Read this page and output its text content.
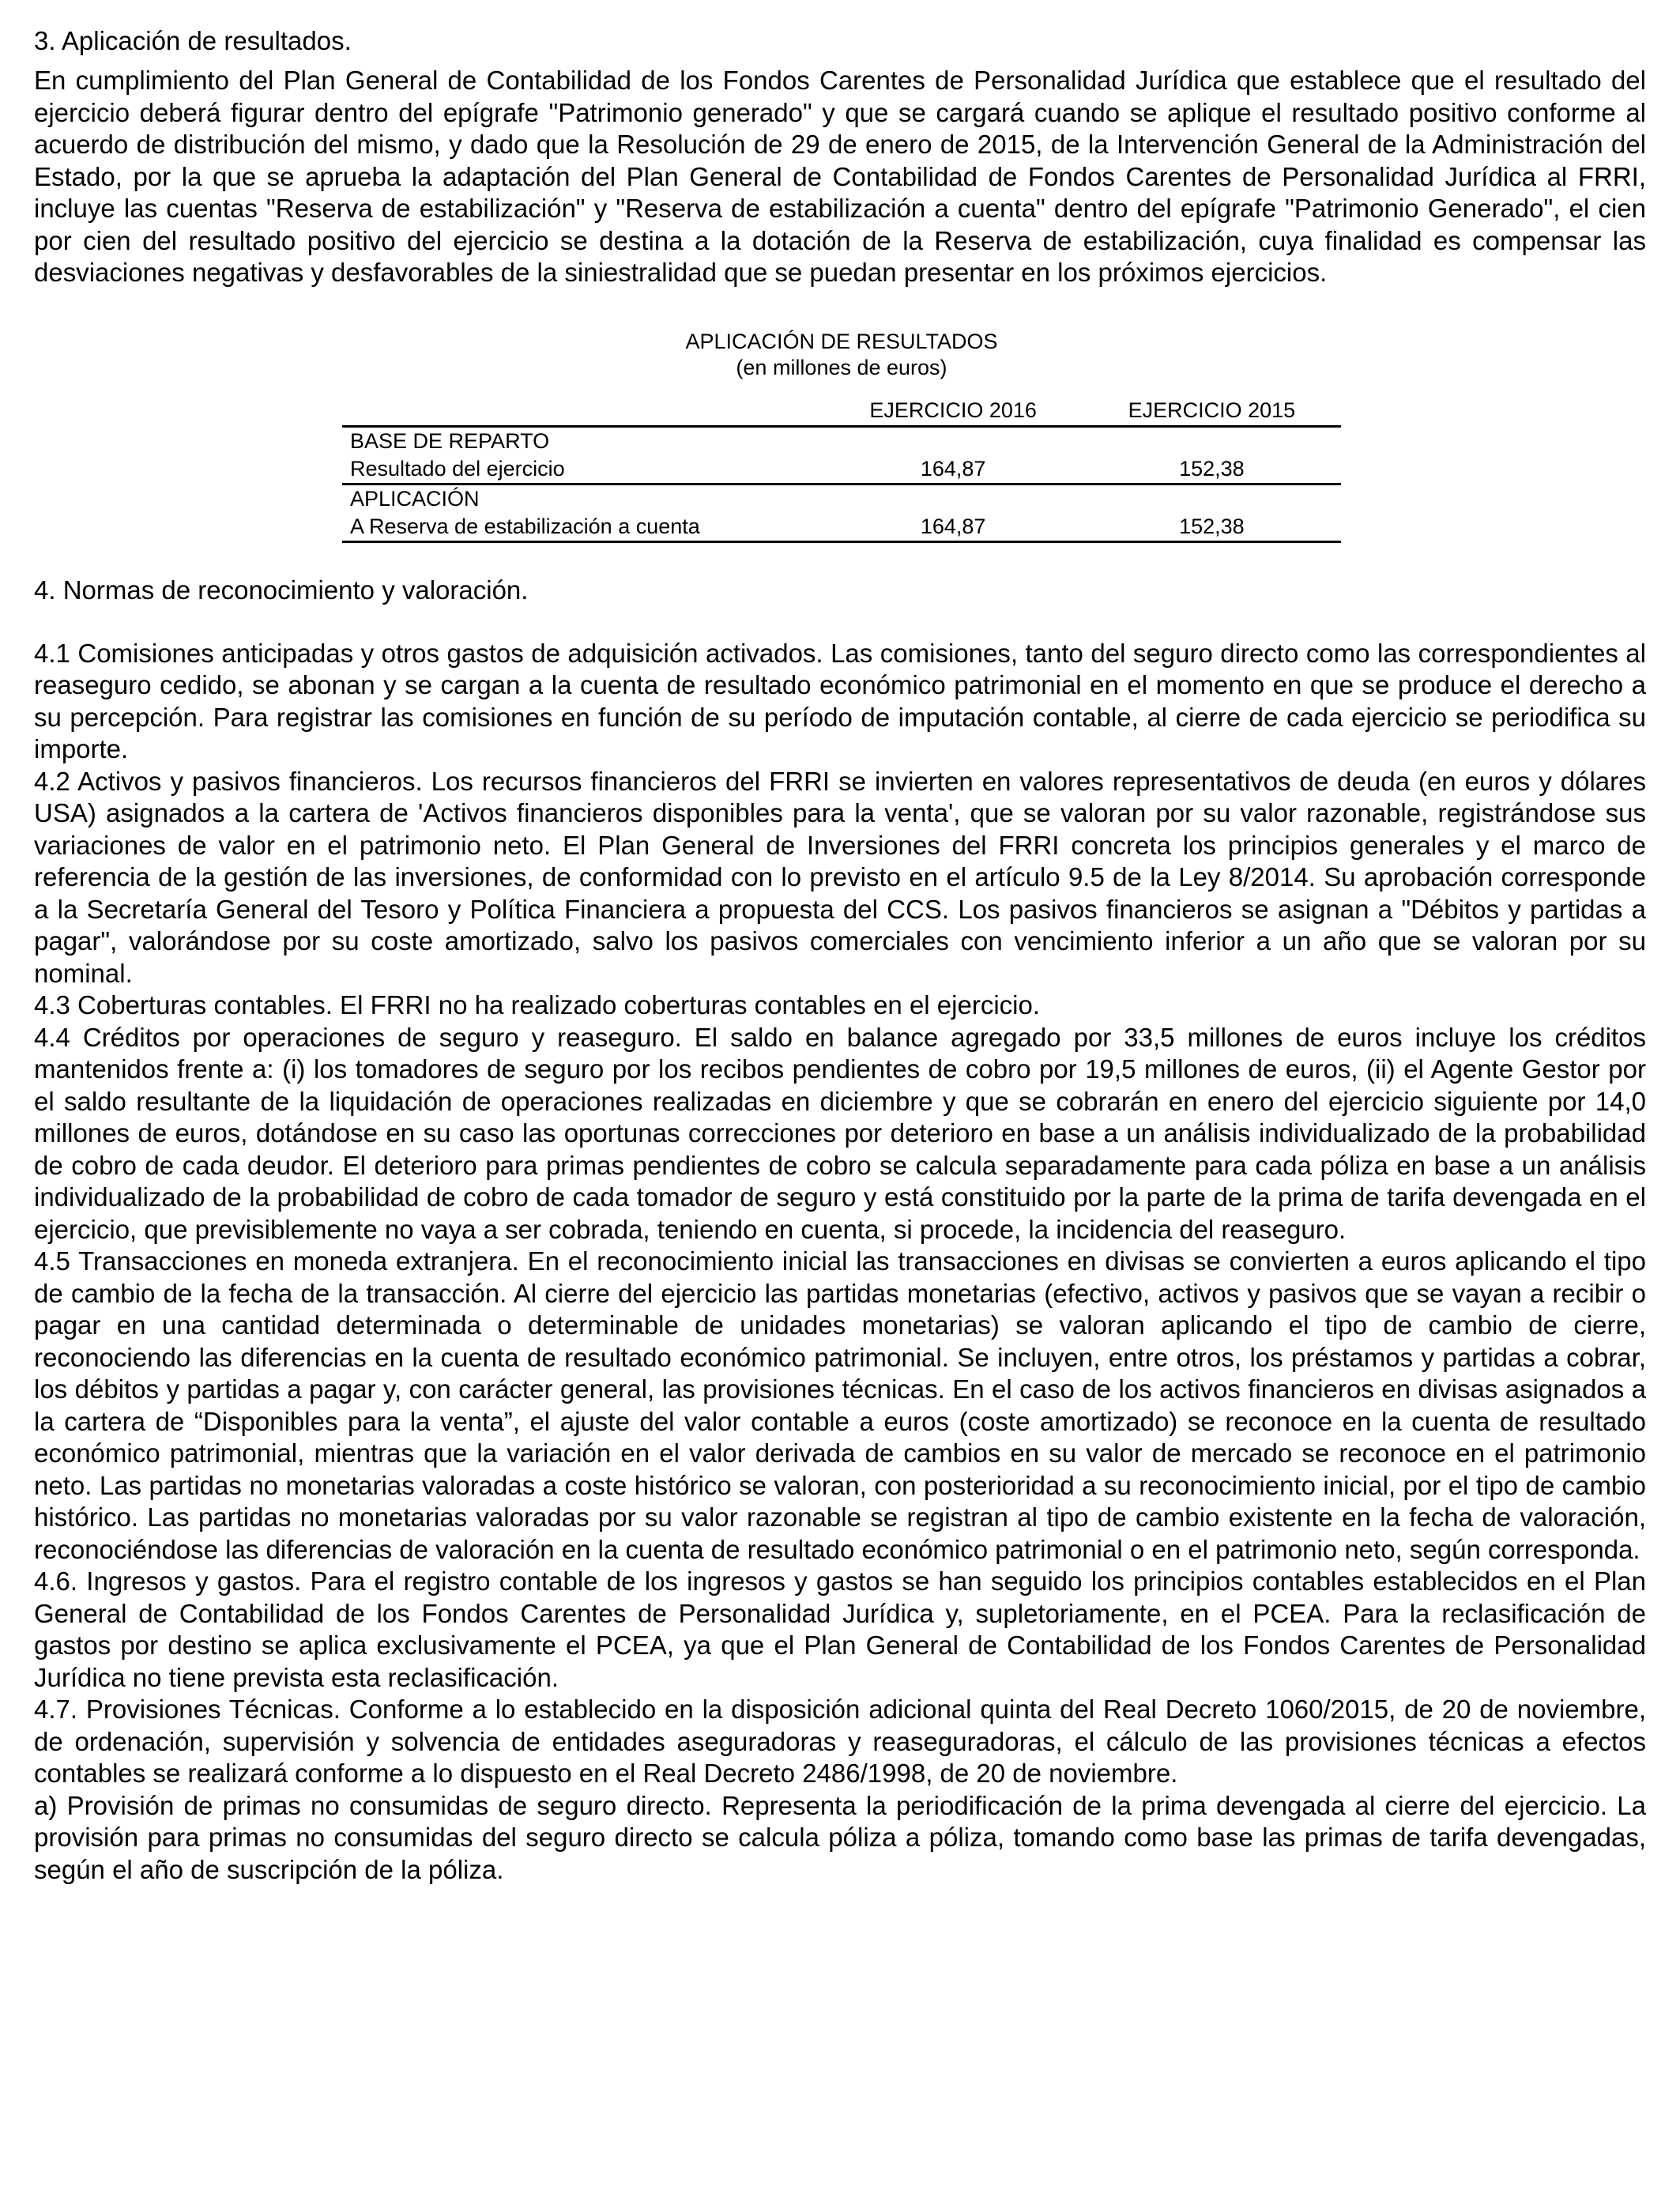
3. Aplicación de resultados.

En cumplimiento del Plan General de Contabilidad de los Fondos Carentes de Personalidad Jurídica que establece que el resultado del ejercicio deberá figurar dentro del epígrafe "Patrimonio generado" y que se cargará cuando se aplique el resultado positivo conforme al acuerdo de distribución del mismo, y dado que la Resolución de 29 de enero de 2015, de la Intervención General de la Administración del Estado, por la que se aprueba la adaptación del Plan General de Contabilidad de Fondos Carentes de Personalidad Jurídica al FRRI, incluye las cuentas "Reserva de estabilización" y "Reserva de estabilización a cuenta" dentro del epígrafe "Patrimonio Generado", el cien por cien del resultado positivo del ejercicio se destina a la dotación de la Reserva de estabilización, cuya finalidad es compensar las desviaciones negativas y desfavorables de la siniestralidad que se puedan presentar en los próximos ejercicios.

APLICACIÓN DE RESULTADOS
(en millones de euros)
	EJERCICIO 2016	EJERCICIO 2015
BASE DE REPARTO		
Resultado del ejercicio	164,87	152,38
APLICACIÓN		
A Reserva de estabilización a cuenta	164,87	152,38

4. Normas de reconocimiento y valoración.

4.1 Comisiones anticipadas y otros gastos de adquisición activados. Las comisiones, tanto del seguro directo como las correspondientes al reaseguro cedido, se abonan y se cargan a la cuenta de resultado económico patrimonial en el momento en que se produce el derecho a su percepción. Para registrar las comisiones en función de su período de imputación contable, al cierre de cada ejercicio se periodifica su importe.

4.2 Activos y pasivos financieros. Los recursos financieros del FRRI se invierten en valores representativos de deuda (en euros y dólares USA) asignados a la cartera de 'Activos financieros disponibles para la venta', que se valoran por su valor razonable, registrándose sus variaciones de valor en el patrimonio neto. El Plan General de Inversiones del FRRI concreta los principios generales y el marco de referencia de la gestión de las inversiones, de conformidad con lo previsto en el artículo 9.5 de la Ley 8/2014. Su aprobación corresponde a la Secretaría General del Tesoro y Política Financiera a propuesta del CCS. Los pasivos financieros se asignan a "Débitos y partidas a pagar", valorándose por su coste amortizado, salvo los pasivos comerciales con vencimiento inferior a un año que se valoran por su nominal.

4.3 Coberturas contables. El FRRI no ha realizado coberturas contables en el ejercicio.

4.4 Créditos por operaciones de seguro y reaseguro. El saldo en balance agregado por 33,5 millones de euros incluye los créditos mantenidos frente a: (i) los tomadores de seguro por los recibos pendientes de cobro por 19,5 millones de euros, (ii) el Agente Gestor por el saldo resultante de la liquidación de operaciones realizadas en diciembre y que se cobrarán en enero del ejercicio siguiente por 14,0 millones de euros, dotándose en su caso las oportunas correcciones por deterioro en base a un análisis individualizado de la probabilidad de cobro de cada deudor. El deterioro para primas pendientes de cobro se calcula separadamente para cada póliza en base a un análisis individualizado de la probabilidad de cobro de cada tomador de seguro y está constituido por la parte de la prima de tarifa devengada en el ejercicio, que previsiblemente no vaya a ser cobrada, teniendo en cuenta, si procede, la incidencia del reaseguro.

4.5 Transacciones en moneda extranjera. En el reconocimiento inicial las transacciones en divisas se convierten a euros aplicando el tipo de cambio de la fecha de la transacción. Al cierre del ejercicio las partidas monetarias (efectivo, activos y pasivos que se vayan a recibir o pagar en una cantidad determinada o determinable de unidades monetarias) se valoran aplicando el tipo de cambio de cierre, reconociendo las diferencias en la cuenta de resultado económico patrimonial. Se incluyen, entre otros, los préstamos y partidas a cobrar, los débitos y partidas a pagar y, con carácter general, las provisiones técnicas. En el caso de los activos financieros en divisas asignados a la cartera de “Disponibles para la venta”, el ajuste del valor contable a euros (coste amortizado) se reconoce en la cuenta de resultado económico patrimonial, mientras que la variación en el valor derivada de cambios en su valor de mercado se reconoce en el patrimonio neto. Las partidas no monetarias valoradas a coste histórico se valoran, con posterioridad a su reconocimiento inicial, por el tipo de cambio histórico. Las partidas no monetarias valoradas por su valor razonable se registran al tipo de cambio existente en la fecha de valoración, reconociéndose las diferencias de valoración en la cuenta de resultado económico patrimonial o en el patrimonio neto, según corresponda.

4.6. Ingresos y gastos. Para el registro contable de los ingresos y gastos se han seguido los principios contables establecidos en el Plan General de Contabilidad de los Fondos Carentes de Personalidad Jurídica y, supletoriamente, en el PCEA. Para la reclasificación de gastos por destino se aplica exclusivamente el PCEA, ya que el Plan General de Contabilidad de los Fondos Carentes de Personalidad Jurídica no tiene prevista esta reclasificación.

4.7. Provisiones Técnicas. Conforme a lo establecido en la disposición adicional quinta del Real Decreto 1060/2015, de 20 de noviembre, de ordenación, supervisión y solvencia de entidades aseguradoras y reaseguradoras, el cálculo de las provisiones técnicas a efectos contables se realizará conforme a lo dispuesto en el Real Decreto 2486/1998, de 20 de noviembre.

a) Provisión de primas no consumidas de seguro directo. Representa la periodificación de la prima devengada al cierre del ejercicio. La provisión para primas no consumidas del seguro directo se calcula póliza a póliza, tomando como base las primas de tarifa devengadas, según el año de suscripción de la póliza.
